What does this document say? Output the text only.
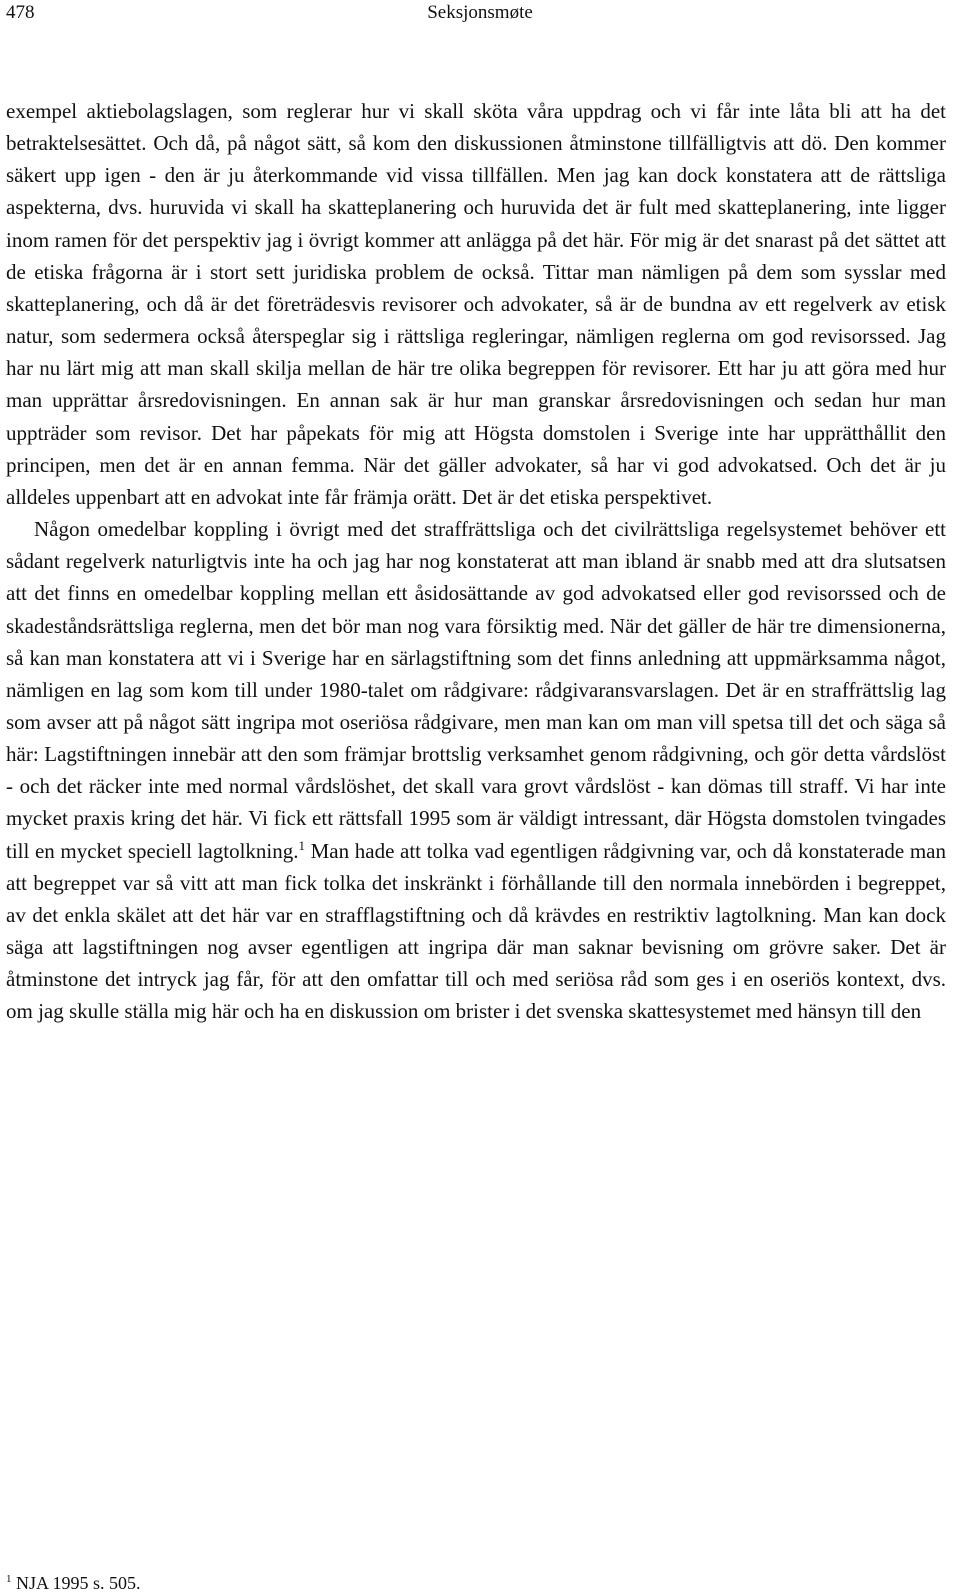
478	Seksjonsmøte

exempel aktiebolagslagen, som reglerar hur vi skall sköta våra uppdrag och vi får inte låta bli att ha det betraktelsesättet. Och då, på något sätt, så kom den diskussionen åtminstone tillfälligtvis att dö. Den kommer säkert upp igen - den är ju återkommande vid vissa tillfällen. Men jag kan dock konstatera att de rättsliga aspekterna, dvs. huruvida vi skall ha skatteplanering och huruvida det är fult med skatteplanering, inte ligger inom ramen för det perspektiv jag i övrigt kommer att anlägga på det här. För mig är det snarast på det sättet att de etiska frågorna är i stort sett juridiska problem de också. Tittar man nämligen på dem som sysslar med skatteplanering, och då är det företrädesvis revisorer och advokater, så är de bundna av ett regelverk av etisk natur, som sedermera också återspeglar sig i rättsliga regleringar, nämligen reglerna om god revisorssed. Jag har nu lärt mig att man skall skilja mellan de här tre olika begreppen för revisorer. Ett har ju att göra med hur man upprättar årsredovisningen. En annan sak är hur man granskar årsredovisningen och sedan hur man uppträder som revisor. Det har påpekats för mig att Högsta domstolen i Sverige inte har upprätthållit den principen, men det är en annan femma. När det gäller advokater, så har vi god advokatsed. Och det är ju alldeles uppenbart att en advokat inte får främja orätt. Det är det etiska perspektivet.

Någon omedelbar koppling i övrigt med det straffrättsliga och det civilrättsliga regelsystemet behöver ett sådant regelverk naturligtvis inte ha och jag har nog konstaterat att man ibland är snabb med att dra slutsatsen att det finns en omedelbar koppling mellan ett åsidosättande av god advokatsed eller god revisorssed och de skadeståndsrättsliga reglerna, men det bör man nog vara försiktig med. När det gäller de här tre dimensionerna, så kan man konstatera att vi i Sverige har en särlagstiftning som det finns anledning att uppmärksamma något, nämligen en lag som kom till under 1980-talet om rådgivare: rådgivaransvarslagen. Det är en straffrättslig lag som avser att på något sätt ingripa mot oseriösa rådgivare, men man kan om man vill spetsa till det och säga så här: Lagstiftningen innebär att den som främjar brottslig verksamhet genom rådgivning, och gör detta vårdslöst - och det räcker inte med normal vårdslöshet, det skall vara grovt vårdslöst - kan dömas till straff. Vi har inte mycket praxis kring det här. Vi fick ett rättsfall 1995 som är väldigt intressant, där Högsta domstolen tvingades till en mycket speciell lagtolkning.$^1$ Man hade att tolka vad egentligen rådgivning var, och då konstaterade man att begreppet var så vitt att man fick tolka det inskränkt i förhållande till den normala innebörden i begreppet, av det enkla skälet att det här var en strafflagstiftning och då krävdes en restriktiv lagtolkning. Man kan dock säga att lagstiftningen nog avser egentligen att ingripa där man saknar bevisning om grövre saker. Det är åtminstone det intryck jag får, för att den omfattar till och med seriösa råd som ges i en oseriös kontext, dvs. om jag skulle ställa mig här och ha en diskussion om brister i det svenska skattesystemet med hänsyn till den

$^1$ NJA 1995 s. 505.
